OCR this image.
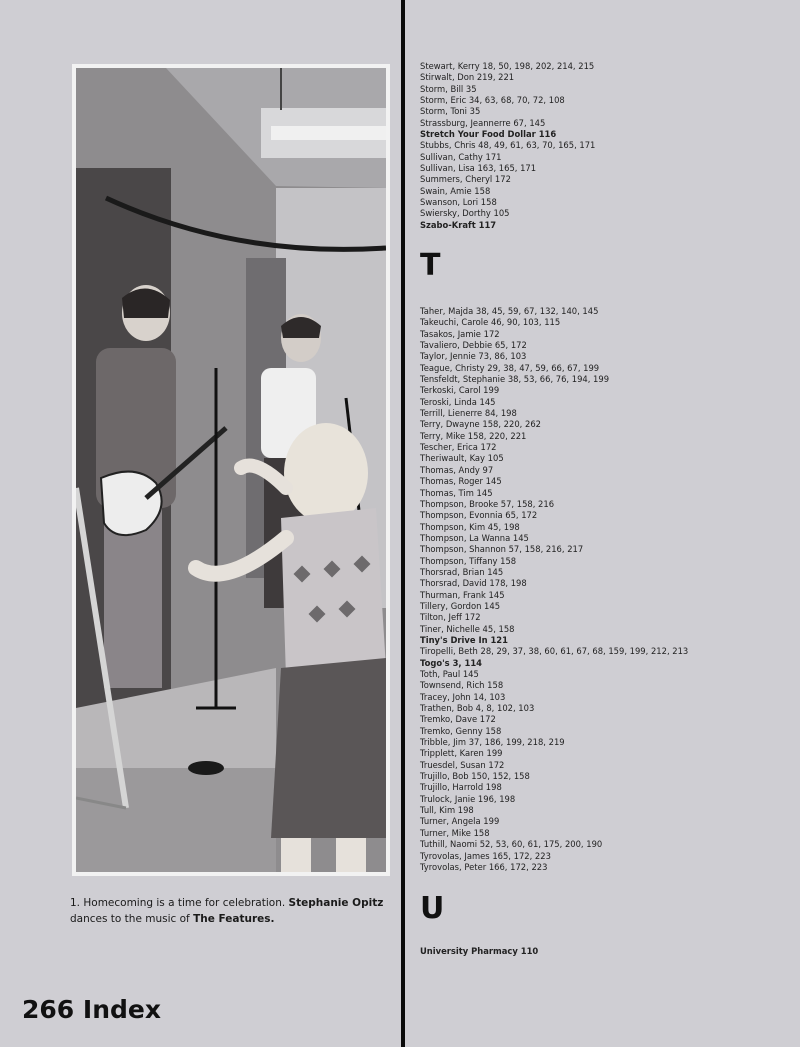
1. Homecoming is a time for celebration. Stephanie Opitz dances to the music of The Features.
266 Index
Stewart, Kerry 18, 50, 198, 202, 214, 215
Stirwalt, Don 219, 221
Storm, Bill 35
Storm, Eric 34, 63, 68, 70, 72, 108
Storm, Toni 35
Strassburg, Jeannerre 67, 145
Stretch Your Food Dollar 116
Stubbs, Chris 48, 49, 61, 63, 70, 165, 171
Sullivan, Cathy 171
Sullivan, Lisa 163, 165, 171
Summers, Cheryl 172
Swain, Amie 158
Swanson, Lori 158
Swiersky, Dorthy 105
Szabo-Kraft 117
T
Taher, Majda 38, 45, 59, 67, 132, 140, 145
Takeuchi, Carole 46, 90, 103, 115
Tasakos, Jamie 172
Tavaliero, Debbie 65, 172
Taylor, Jennie 73, 86, 103
Teague, Christy 29, 38, 47, 59, 66, 67, 199
Tensfeldt, Stephanie 38, 53, 66, 76, 194, 199
Terkoski, Carol 199
Teroski, Linda 145
Terrill, Lienerre 84, 198
Terry, Dwayne 158, 220, 262
Terry, Mike 158, 220, 221
Tescher, Erica 172
Theriwault, Kay 105
Thomas, Andy 97
Thomas, Roger 145
Thomas, Tim 145
Thompson, Brooke 57, 158, 216
Thompson, Evonnia 65, 172
Thompson, Kim 45, 198
Thompson, La Wanna 145
Thompson, Shannon 57, 158, 216, 217
Thompson, Tiffany 158
Thorsrad, Brian 145
Thorsrad, David 178, 198
Thurman, Frank 145
Tillery, Gordon 145
Tilton, Jeff 172
Tiner, Nichelle 45, 158
Tiny's Drive In 121
Tiropelli, Beth 28, 29, 37, 38, 60, 61, 67, 68, 159, 199, 212, 213
Togo's 3, 114
Toth, Paul 145
Townsend, Rich 158
Tracey, John 14, 103
Trathen, Bob 4, 8, 102, 103
Tremko, Dave 172
Tremko, Genny 158
Tribble, Jim 37, 186, 199, 218, 219
Tripplett, Karen 199
Truesdel, Susan 172
Trujillo, Bob 150, 152, 158
Trujillo, Harrold 198
Trulock, Janie 196, 198
Tull, Kim 198
Turner, Angela 199
Turner, Mike 158
Tuthill, Naomi 52, 53, 60, 61, 175, 200, 190
Tyrovolas, James 165, 172, 223
Tyrovolas, Peter 166, 172, 223
U
University Pharmacy 110
